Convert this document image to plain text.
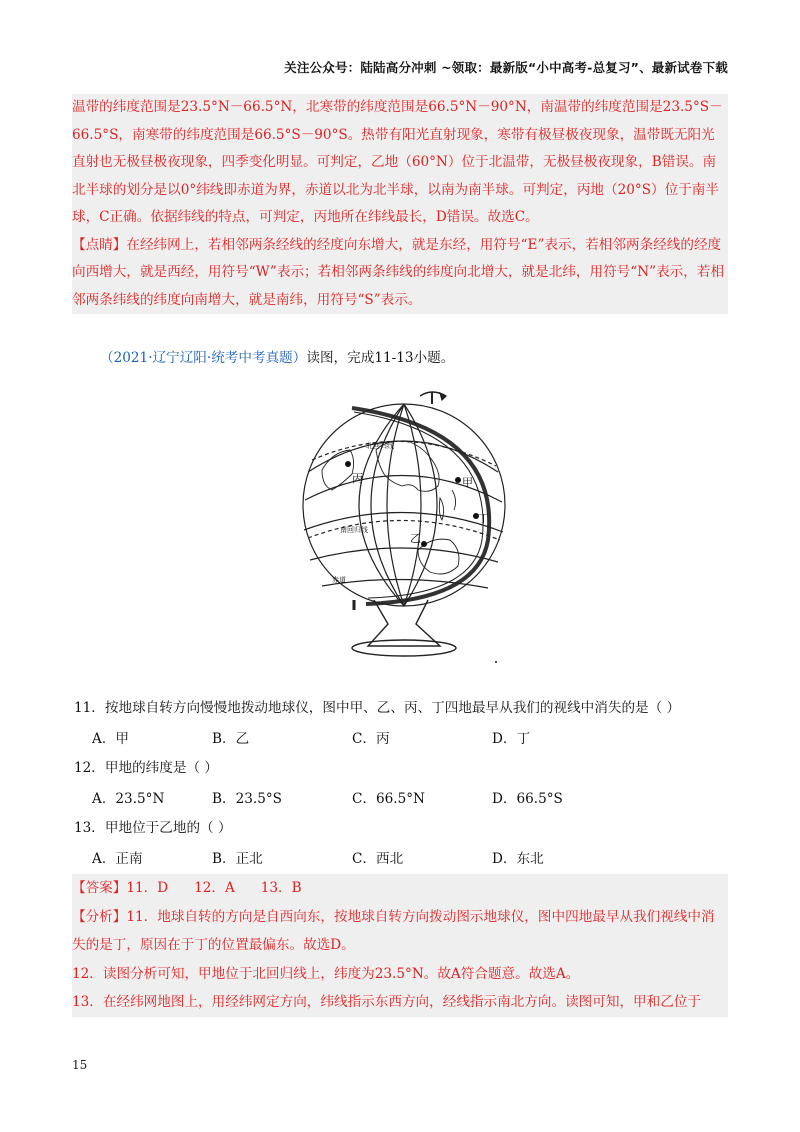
关注公众号：陆陆高分冲刺 ~领取：最新版“小中高考-总复习”、最新试卷下载

温带的纬度范围是23.5°N－66.5°N，北寒带的纬度范围是66.5°N－90°N，南温带的纬度范围是23.5°S－66.5°S，南寒带的纬度范围是66.5°S－90°S。热带有阳光直射现象，寒带有极昼极夜现象，温带既无阳光直射也无极昼极夜现象，四季变化明显。可判定，乙地（60°N）位于北温带，无极昼极夜现象，B错误。南北半球的划分是以0°纬线即赤道为界，赤道以北为北半球，以南为南半球。可判定，丙地（20°S）位于南半球，C正确。依据纬线的特点，可判定，丙地所在纬线最长，D错误。故选C。

【点睛】在经纬网上，若相邻两条经线的经度向东增大，就是东经，用符号“E”表示，若相邻两条经线的经度向西增大，就是西经，用符号“W”表示；若相邻两条纬线的纬度向北增大，就是北纬，用符号“N”表示，若相邻两条纬线的纬度向南增大，就是南纬，用符号“S”表示。

（2021·辽宁辽阳·统考中考真题）读图，完成11-13小题。
丙	甲
丁
乙
北回归线
南回归线
赤道
11．按地球自转方向慢慢地拨动地球仪，图中甲、乙、丙、丁四地最早从我们的视线中消失的是（ ）
A．甲	B．乙	C．丙	D．丁
12．甲地的纬度是（ ）
A．23.5°N	B．23.5°S	C．66.5°N	D．66.5°S
13．甲地位于乙地的（ ）
A．正南	B．正北	C．西北	D．东北

【答案】11．D      12．A      13．B

【分析】11．地球自转的方向是自西向东，按地球自转方向拨动图示地球仪，图中四地最早从我们视线中消失的是丁，原因在于丁的位置最偏东。故选D。

12．读图分析可知，甲地位于北回归线上，纬度为23.5°N。故A符合题意。故选A。

13．在经纬网地图上，用经纬网定方向，纬线指示东西方向，经线指示南北方向。读图可知，甲和乙位于

15
